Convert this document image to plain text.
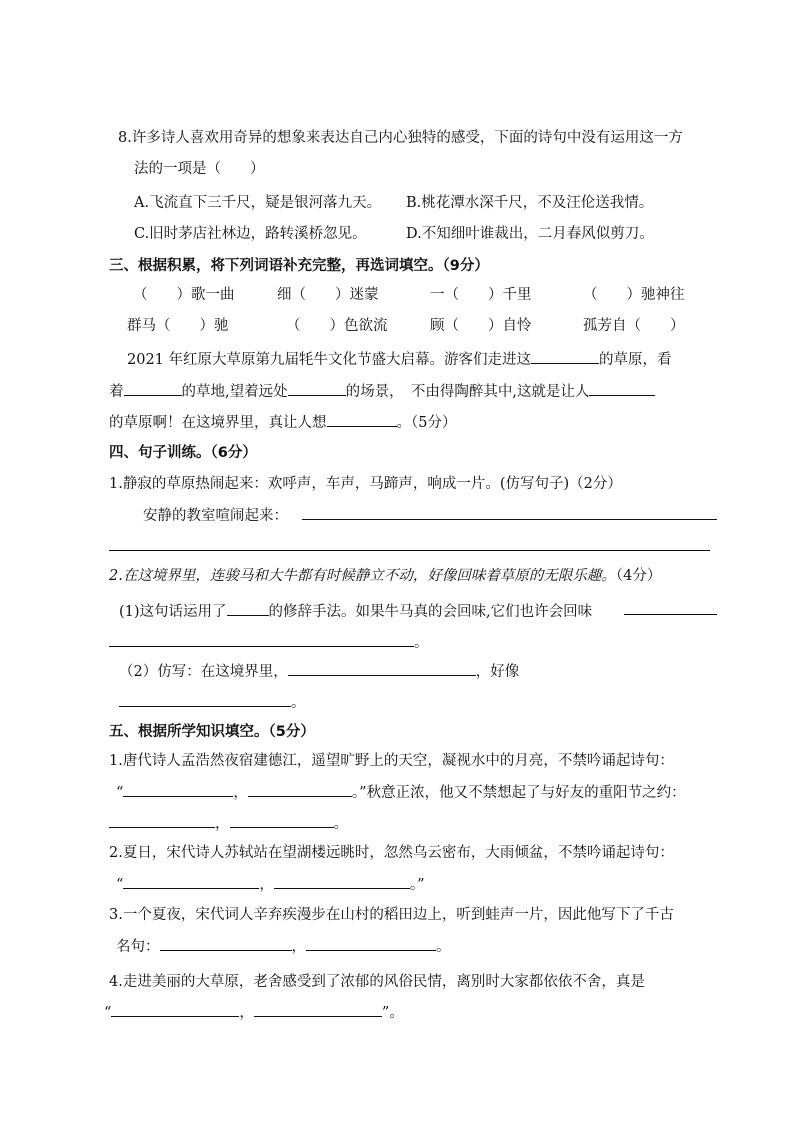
8.许多诗人喜欢用奇异的想象来表达自己内心独特的感受，下面的诗句中没有运用这一方
法的一项是（　　）
A.飞流直下三千尺，疑是银河落九天。 B.桃花潭水深千尺，不及汪伦送我情。
C.旧时茅店社林边，路转溪桥忽见。	D.不知细叶谁裁出，二月春风似剪刀。
三、根据积累，将下列词语补充完整，再选词填空。（9分）
（　　）歌一曲	细（　　）迷蒙	一（　　）千里	（　　）驰神往
群马（　　）驰	（　　）色欲流	顾（　　）自怜	孤芳自（　　）
2021 年红原大草原第九届牦牛文化节盛大启幕。游客们走进这	的草原，看
着	的草地,望着远处	的场景，　不由得陶醉其中,这就是让人
的草原啊！在这境界里，真让人想	。（5分）
四、句子训练。（6分）
1.静寂的草原热闹起来：欢呼声，车声，马蹄声，响成一片。(仿写句子)（2分）
安静的教室喧闹起来：
2.在这境界里，连骏马和大牛都有时候静立不动，好像回味着草原的无限乐趣。（4分）
(1)这句话运用了	的修辞手法。如果牛马真的会回味,它们也许会回味
。
（2）仿写：在这境界里，	，好像
。
五、根据所学知识填空。（5分）
1.唐代诗人孟浩然夜宿建德江，遥望旷野上的天空，凝视水中的月亮，不禁吟诵起诗句：
“	，	。”秋意正浓，他又不禁想起了与好友的重阳节之约：
，	。
2.夏日，宋代诗人苏轼站在望湖楼远眺时，忽然乌云密布，大雨倾盆，不禁吟诵起诗句：
“	，	。”
3.一个夏夜，宋代词人辛弃疾漫步在山村的稻田边上，听到蛙声一片，因此他写下了千古
名句：	，	。
4.走进美丽的大草原，老舍感受到了浓郁的风俗民情，离别时大家都依依不舍，真是
“	，	”。
